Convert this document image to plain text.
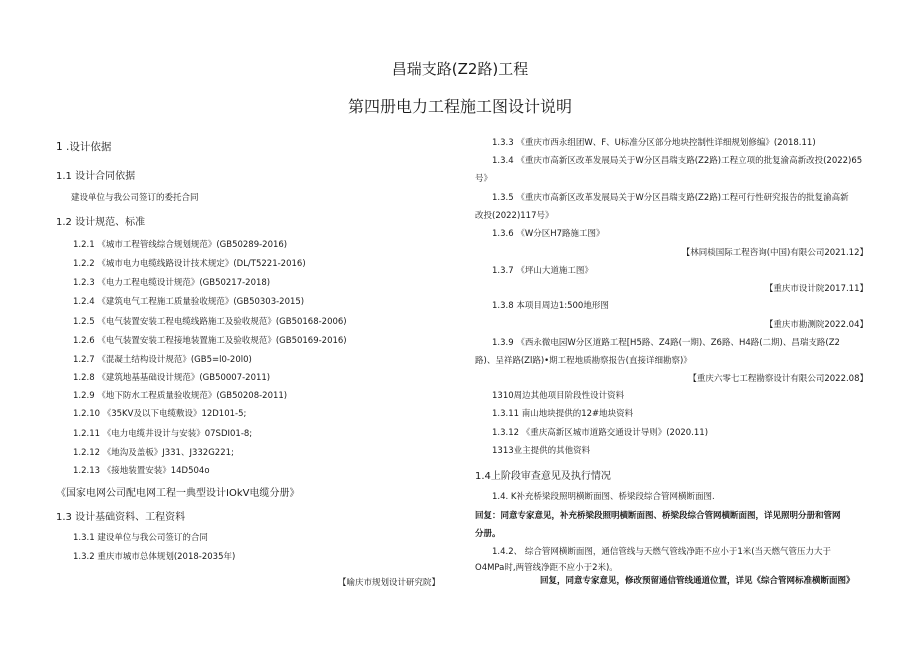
昌瑞支路(Z2路)工程
第四册电力工程施工图设计说明
1 .设计依据
1.1 设计合同依据
建设单位与我公司签订的委托合同
1.2 设计规范、标准
1.2.1 《城市工程管线综合规划规范》(GB50289-2016)
1.2.2 《城市电力电缆线路设计技术规定》(DL/T5221-2016)
1.2.3 《电力工程电缆设计规范》(GB50217-2018)
1.2.4 《建筑电气工程施工质量验收规范》(GB50303-2015)
1.2.5 《电气装置安装工程电缆线路施工及验收规范》(GB50168-2006)
1.2.6 《电气装置安装工程接地装置施工及验收规范》(GB50169-2016)
1.2.7 《混凝土结构设计规范》(GB5=l0-20l0)
1.2.8 《建筑地基基础设计规范》(GB50007-2011)
1.2.9 《地下防水工程质量验收规范》(GB50208-2011)
1.2.10 《35KV及以下电缆敷设》12D101-5;
1.2.11 《电力电缆井设计与安装》07SDI01-8;
1.2.12 《地沟及盖板》J331、J332G221;
1.2.13 《接地装置安装》14D504o
《国家电网公司配电网工程一典型设计IOkV电缆分册》
1.3 设计基础资料、工程资料
1.3.1 建设单位与我公司签订的合同
1.3.2 重庆市城市总体规划(2018-2035年)
【喻庆市规划设计研究院】
1.3.3 《重庆市西永组团W、F、U标准分区部分地块控制性详细规划修编》(2018.11)
1.3.4 《重庆市高新区改革发展局关于W分区昌瑞支路(Z2路)工程立项的批复渝高新改投(2022)65
号》
1.3.5 《重庆市高新区改革发展局关于W分区昌瑞支路(Z2路)工程可行性研究报告的批复渝高新
改投(2022)117号》
1.3.6 《W分区H7路施工图》
【林同棪国际工程咨询(中国)有限公司2021.12】
1.3.7 《坪山大道施工图》
【重庆市设计院2017.11】
1.3.8 本项目周边1:500地形图
【重庆市勘测院2022.04】
1.3.9 《西永微电园W分区道路工程[H5路、Z4路(一期)、Z6路、H4路(二期)、昌瑞支路(Z2
路)、呈祥路(Zl路)•期工程地质勘察报告(直接详细勘察)》
【重庆六零七工程勘察设计有限公司2022.08】
1310周边其他项目阶段性设计资料
1.3.11 南山地块提供的12#地块资料
1.3.12 《重庆高新区城市道路交通设计导则》(2020.11)
1313业主提供的其他资料
1.4上阶段审查意见及执行情况
1.4. K补充桥梁段照明横断面图、桥梁段综合管网横断面图.
回复：同意专家意见，补充桥梁段照明横断面图、桥梁段综合管网横断面图，详见照明分册和管网
分册。
1.4.2、 综合管网横断面图，通信管线与天燃气管线净距不应小于1米(当天燃气管压力大于
O4MPa时,两管线净距不应小于2米)。
回复，同意专家意见，修改预留通信管线通道位置，详见《综合管网标准横断面图》
